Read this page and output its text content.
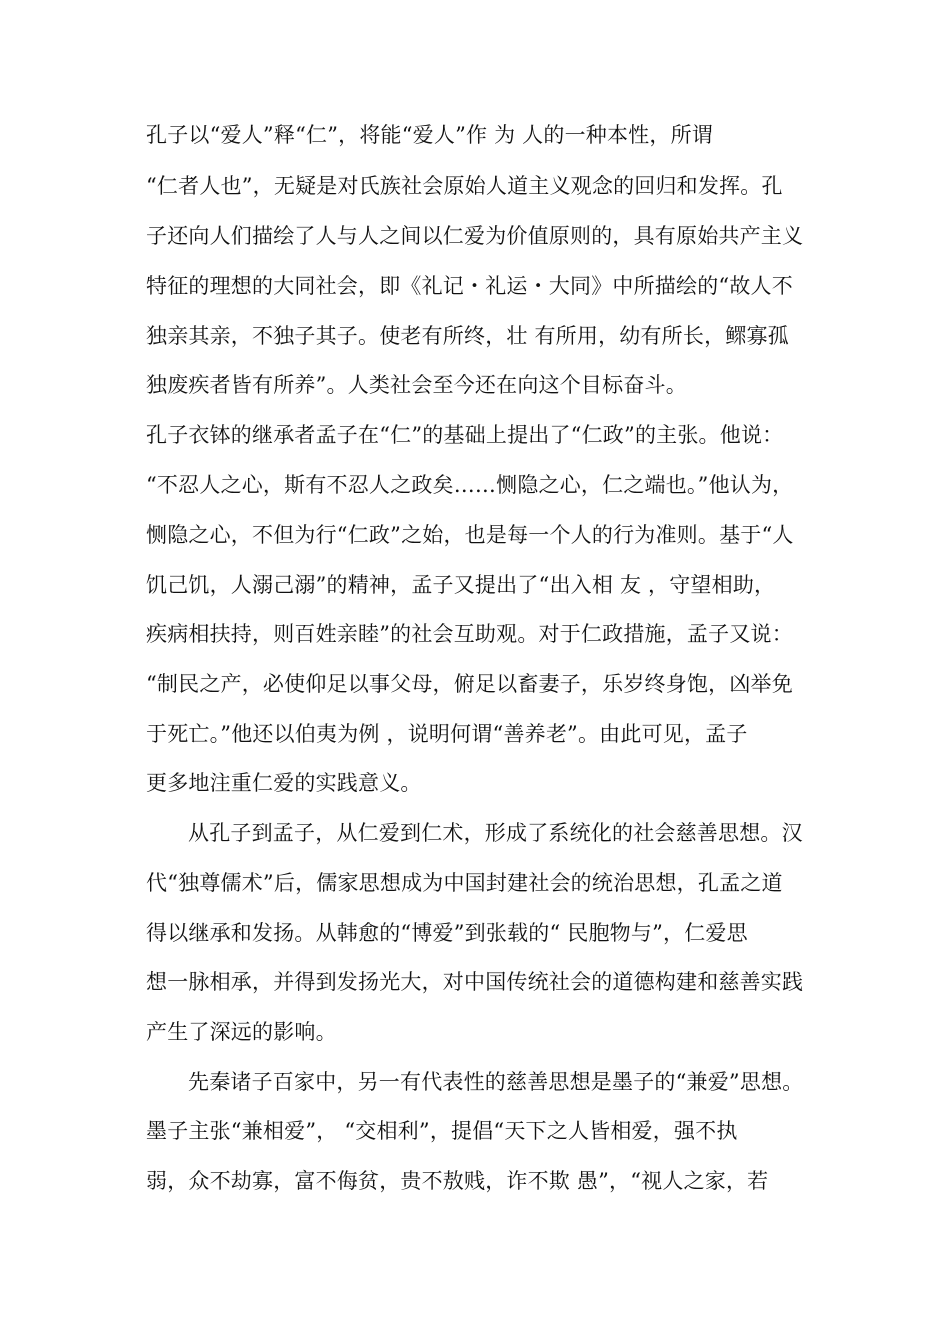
孔子以“爱人”释“仁”，将能“爱人”作 为 人的一种本性，所谓
“仁者人也”，无疑是对氏族社会原始人道主义观念的回归和发挥。孔
子还向人们描绘了人与人之间以仁爱为价值原则的，具有原始共产主义
特征的理想的大同社会，即《礼记・礼运・大同》中所描绘的“故人不
独亲其亲，不独子其子。使老有所终，壮 有所用，幼有所长，鳏寡孤
独废疾者皆有所养”。人类社会至今还在向这个目标奋斗。
孔子衣钵的继承者孟子在“仁”的基础上提出了“仁政”的主张。他说：
“不忍人之心，斯有不忍人之政矣……恻隐之心，仁之端也。”他认为，
恻隐之心，不但为行“仁政”之始，也是每一个人的行为准则。基于“人
饥己饥，人溺己溺”的精神，孟子又提出了“出入相 友 ，守望相助，
疾病相扶持，则百姓亲睦”的社会互助观。对于仁政措施，孟子又说：
“制民之产，必使仰足以事父母，俯足以畜妻子，乐岁终身饱，凶举免
于死亡。”他还以伯夷为例 ，说明何谓“善养老”。由此可见，孟子
更多地注重仁爱的实践意义。
从孔子到孟子，从仁爱到仁术，形成了系统化的社会慈善思想。汉
代“独尊儒术”后，儒家思想成为中国封建社会的统治思想，孔孟之道
得以继承和发扬。从韩愈的“博爱”到张载的“ 民胞物与”，仁爱思
想一脉相承，并得到发扬光大，对中国传统社会的道德构建和慈善实践
产生了深远的影响。
先秦诸子百家中，另一有代表性的慈善思想是墨子的“兼爱”思想。
墨子主张“兼相爱”， “交相利”，提倡“天下之人皆相爱，强不执
弱，众不劫寡，富不侮贫，贵不敖贱，诈不欺 愚”，“视人之家，若
